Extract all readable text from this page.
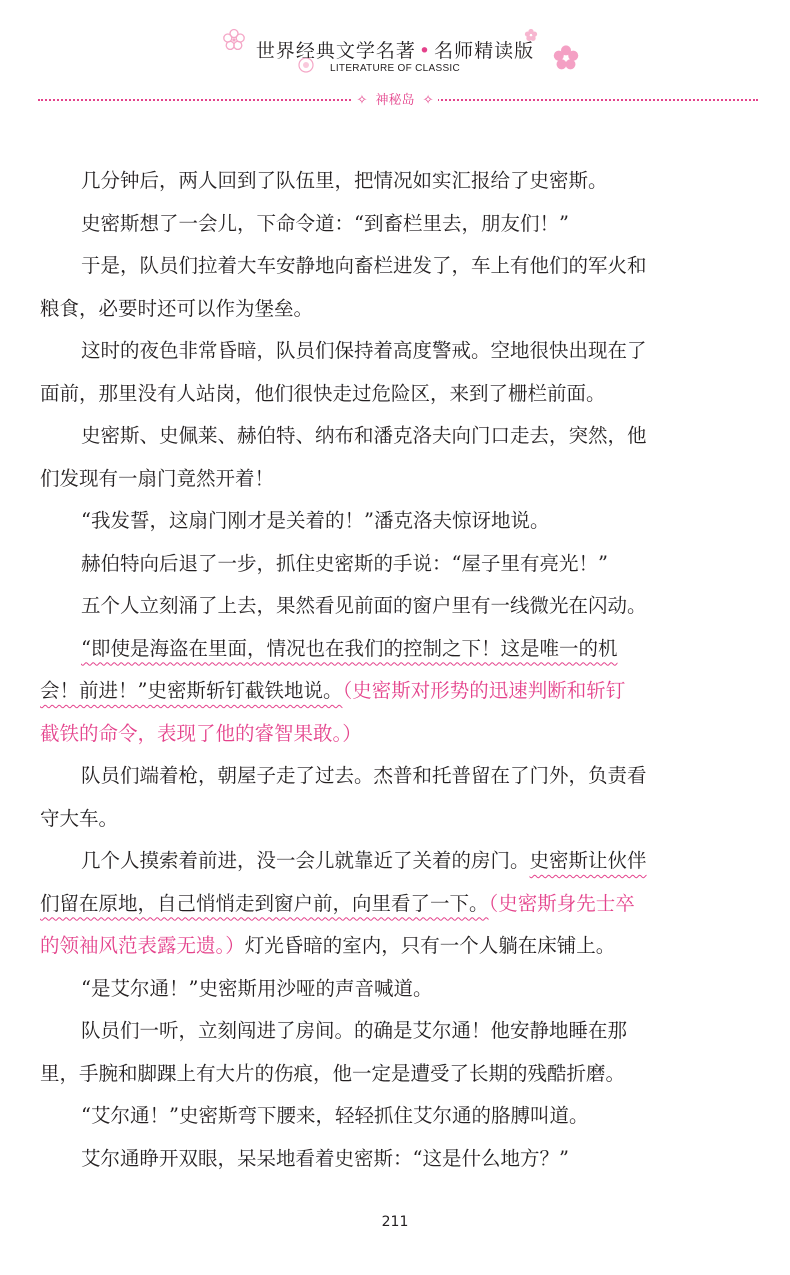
世界经典文学名著 • 名师精读版
LITERATURE OF CLASSIC
✧ 神秘岛 ✧
几分钟后，两人回到了队伍里，把情况如实汇报给了史密斯。
史密斯想了一会儿，下命令道：“到畜栏里去，朋友们！”
于是，队员们拉着大车安静地向畜栏进发了，车上有他们的军火和
粮食，必要时还可以作为堡垒。
这时的夜色非常昏暗，队员们保持着高度警戒。空地很快出现在了
面前，那里没有人站岗，他们很快走过危险区，来到了栅栏前面。
史密斯、史佩莱、赫伯特、纳布和潘克洛夫向门口走去，突然，他
们发现有一扇门竟然开着！
“我发誓，这扇门刚才是关着的！”潘克洛夫惊讶地说。
赫伯特向后退了一步，抓住史密斯的手说：“屋子里有亮光！”
五个人立刻涌了上去，果然看见前面的窗户里有一线微光在闪动。
“即使是海盗在里面，情况也在我们的控制之下！这是唯一的机
会！前进！”史密斯斩钉截铁地说。（史密斯对形势的迅速判断和斩钉
截铁的命令，表现了他的睿智果敢。）
队员们端着枪，朝屋子走了过去。杰普和托普留在了门外，负责看
守大车。
几个人摸索着前进，没一会儿就靠近了关着的房门。史密斯让伙伴
们留在原地，自己悄悄走到窗户前，向里看了一下。（史密斯身先士卒
的领袖风范表露无遗。）灯光昏暗的室内，只有一个人躺在床铺上。
“是艾尔通！”史密斯用沙哑的声音喊道。
队员们一听，立刻闯进了房间。的确是艾尔通！他安静地睡在那
里，手腕和脚踝上有大片的伤痕，他一定是遭受了长期的残酷折磨。
“艾尔通！”史密斯弯下腰来，轻轻抓住艾尔通的胳膊叫道。
艾尔通睁开双眼，呆呆地看着史密斯：“这是什么地方？”
211
